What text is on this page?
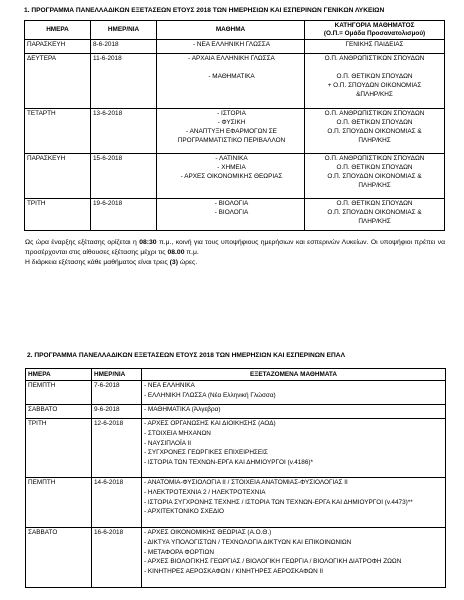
1. ΠΡΟΓΡΑΜΜΑ ΠΑΝΕΛΛΑΔΙΚΩΝ ΕΞΕΤΑΣΕΩΝ ΕΤΟΥΣ 2018 ΤΩΝ ΗΜΕΡΗΣΙΩΝ ΚΑΙ ΕΣΠΕΡΙΝΩΝ ΓΕΝΙΚΩΝ ΛΥΚΕΙΩΝ
ΗΜΕΡΑ	ΗΜΕΡ/ΝΙΑ	ΜΑΘΗΜΑ	ΚΑΤΗΓΟΡΙΑ ΜΑΘΗΜΑΤΟΣ
(Ο.Π.= Ομάδα Προσανατολισμού)

ΠΑΡΑΣΚΕΥΗ	8-6-2018	- ΝΕΑ ΕΛΛΗΝΙΚΗ ΓΛΩΣΣΑ	ΓΕΝΙΚΗΣ ΠΑΙΔΕΙΑΣ

ΔΕΥΤΕΡΑ	11-6-2018	- ΑΡΧΑΙΑ ΕΛΛΗΝΙΚΗ ΓΛΩΣΣΑ
- ΜΑΘΗΜΑΤΙΚΑ	Ο.Π. ΑΝΘΡΩΠΙΣΤΙΚΩΝ ΣΠΟΥΔΩΝ
Ο.Π. ΘΕΤΙΚΩΝ ΣΠΟΥΔΩΝ
+ Ο.Π. ΣΠΟΥΔΩΝ ΟΙΚΟΝΟΜΙΑΣ
&ΠΛΗΡ/ΚΗΣ

ΤΕΤΑΡΤΗ	13-6-2018	- ΙΣΤΟΡΙΑ
- ΦΥΣΙΚΗ
- ΑΝΑΠΤΥΞΗ ΕΦΑΡΜΟΓΩΝ ΣΕ
ΠΡΟΓΡΑΜΜΑΤΙΣΤΙΚΟ ΠΕΡΙΒΑΛΛΟΝ	Ο.Π. ΑΝΘΡΩΠΙΣΤΙΚΩΝ ΣΠΟΥΔΩΝ
Ο.Π. ΘΕΤΙΚΩΝ ΣΠΟΥΔΩΝ
Ο.Π. ΣΠΟΥΔΩΝ ΟΙΚΟΝΟΜΙΑΣ &
ΠΛΗΡ/ΚΗΣ

ΠΑΡΑΣΚΕΥΗ	15-6-2018	- ΛΑΤΙΝΙΚΑ
- ΧΗΜΕΙΑ
- ΑΡΧΕΣ ΟΙΚΟΝΟΜΙΚΗΣ ΘΕΩΡΙΑΣ	Ο.Π. ΑΝΘΡΩΠΙΣΤΙΚΩΝ ΣΠΟΥΔΩΝ
Ο.Π. ΘΕΤΙΚΩΝ ΣΠΟΥΔΩΝ
Ο.Π. ΣΠΟΥΔΩΝ ΟΙΚΟΝΟΜΙΑΣ &
ΠΛΗΡ/ΚΗΣ

ΤΡΙΤΗ	19-6-2018	- ΒΙΟΛΟΓΙΑ
- ΒΙΟΛΟΓΙΑ	Ο.Π. ΘΕΤΙΚΩΝ ΣΠΟΥΔΩΝ
Ο.Π. ΣΠΟΥΔΩΝ ΟΙΚΟΝΟΜΙΑΣ &
ΠΛΗΡ/ΚΗΣ

Ως ώρα έναρξης εξέτασης ορίζεται η 08:30 π.μ., κοινή για τους υποψήφιους ημερήσιων και εσπερινών Λυκείων. Οι υποψήφιοι πρέπει να προσέρχονται στις αίθουσες εξέτασης μέχρι τις 08.00 π.μ.

Η διάρκεια εξέτασης κάθε μαθήματος είναι τρεις (3) ώρες.

2. ΠΡΟΓΡΑΜΜΑ ΠΑΝΕΛΛΑΔΙΚΩΝ ΕΞΕΤΑΣΕΩΝ ΕΤΟΥΣ 2018 ΤΩΝ ΗΜΕΡΗΣΙΩΝ ΚΑΙ ΕΣΠΕΡΙΝΩΝ ΕΠΑΛ
ΗΜΕΡΑ	ΗΜΕΡ/ΝΙΑ	ΕΞΕΤΑΖΟΜΕΝΑ ΜΑΘΗΜΑΤΑ
ΠΕΜΠΤΗ	7-6-2018	- ΝΕΑ ΕΛΛΗΝΙΚΑ
- ΕΛΛΗΝΙΚΗ ΓΛΩΣΣΑ (Νέα Ελληνική Γλώσσα)

ΣΑΒΒΑΤΟ	9-6-2018	- ΜΑΘΗΜΑΤΙΚΑ (Άλγεβρα)

ΤΡΙΤΗ	12-6-2018	- ΑΡΧΕΣ ΟΡΓΑΝΩΣΗΣ ΚΑΙ ΔΙΟΙΚΗΣΗΣ (ΑΟΔ)
- ΣΤΟΙΧΕΙΑ ΜΗΧΑΝΩΝ
- ΝΑΥΣΙΠΛΟΪΑ ΙΙ
- ΣΥΓΧΡΟΝΕΣ ΓΕΩΡΓΙΚΕΣ ΕΠΙΧΕΙΡΗΣΕΙΣ
- ΙΣΤΟΡΙΑ ΤΩΝ ΤΕΧΝΩΝ-ΕΡΓΑ ΚΑΙ ΔΗΜΙΟΥΡΓΟΙ (v.4186)*

ΠΕΜΠΤΗ	14-6-2018	- ΑΝΑΤΟΜΙΑ-ΦΥΣΙΟΛΟΓΙΑ ΙΙ / ΣΤΟΙΧΕΙΑ ΑΝΑΤΟΜΙΑΣ-ΦΥΣΙΟΛΟΓΙΑΣ ΙΙ
- ΗΛΕΚΤΡΟΤΕΧΝΙΑ 2 / ΗΛΕΚΤΡΟΤΕΧΝΙΑ
- ΙΣΤΟΡΙΑ ΣΥΓΧΡΟΝΗΣ ΤΕΧΝΗΣ / ΙΣΤΟΡΙΑ ΤΩΝ ΤΕΧΝΩΝ-ΕΡΓΑ ΚΑΙ ΔΗΜΙΟΥΡΓΟΙ (v.4473)**
- ΑΡΧΙΤΕΚΤΟΝΙΚΟ ΣΧΕΔΙΟ

ΣΑΒΒΑΤΟ	16-6-2018	- ΑΡΧΕΣ ΟΙΚΟΝΟΜΙΚΗΣ ΘΕΩΡΙΑΣ (Α.Ο.Θ.)
- ΔΙΚΤΥΑ ΥΠΟΛΟΓΙΣΤΩΝ / ΤΕΧΝΟΛΟΓΙΑ ΔΙΚΤΥΩΝ ΚΑΙ ΕΠΙΚΟΙΝΩΝΙΩΝ
- ΜΕΤΑΦΟΡΑ ΦΟΡΤΙΩΝ
- ΑΡΧΕΣ ΒΙΟΛΟΓΙΚΗΣ ΓΕΩΡΓΙΑΣ / ΒΙΟΛΟΓΙΚΗ ΓΕΩΡΓΙΑ / ΒΙΟΛΟΓΙΚΗ ΔΙΑΤΡΟΦΗ ΖΩΩΝ
- ΚΙΝΗΤΗΡΕΣ ΑΕΡΟΣΚΑΦΩΝ / ΚΙΝΗΤΗΡΕΣ ΑΕΡΟΣΚΑΦΩΝ ΙΙ
